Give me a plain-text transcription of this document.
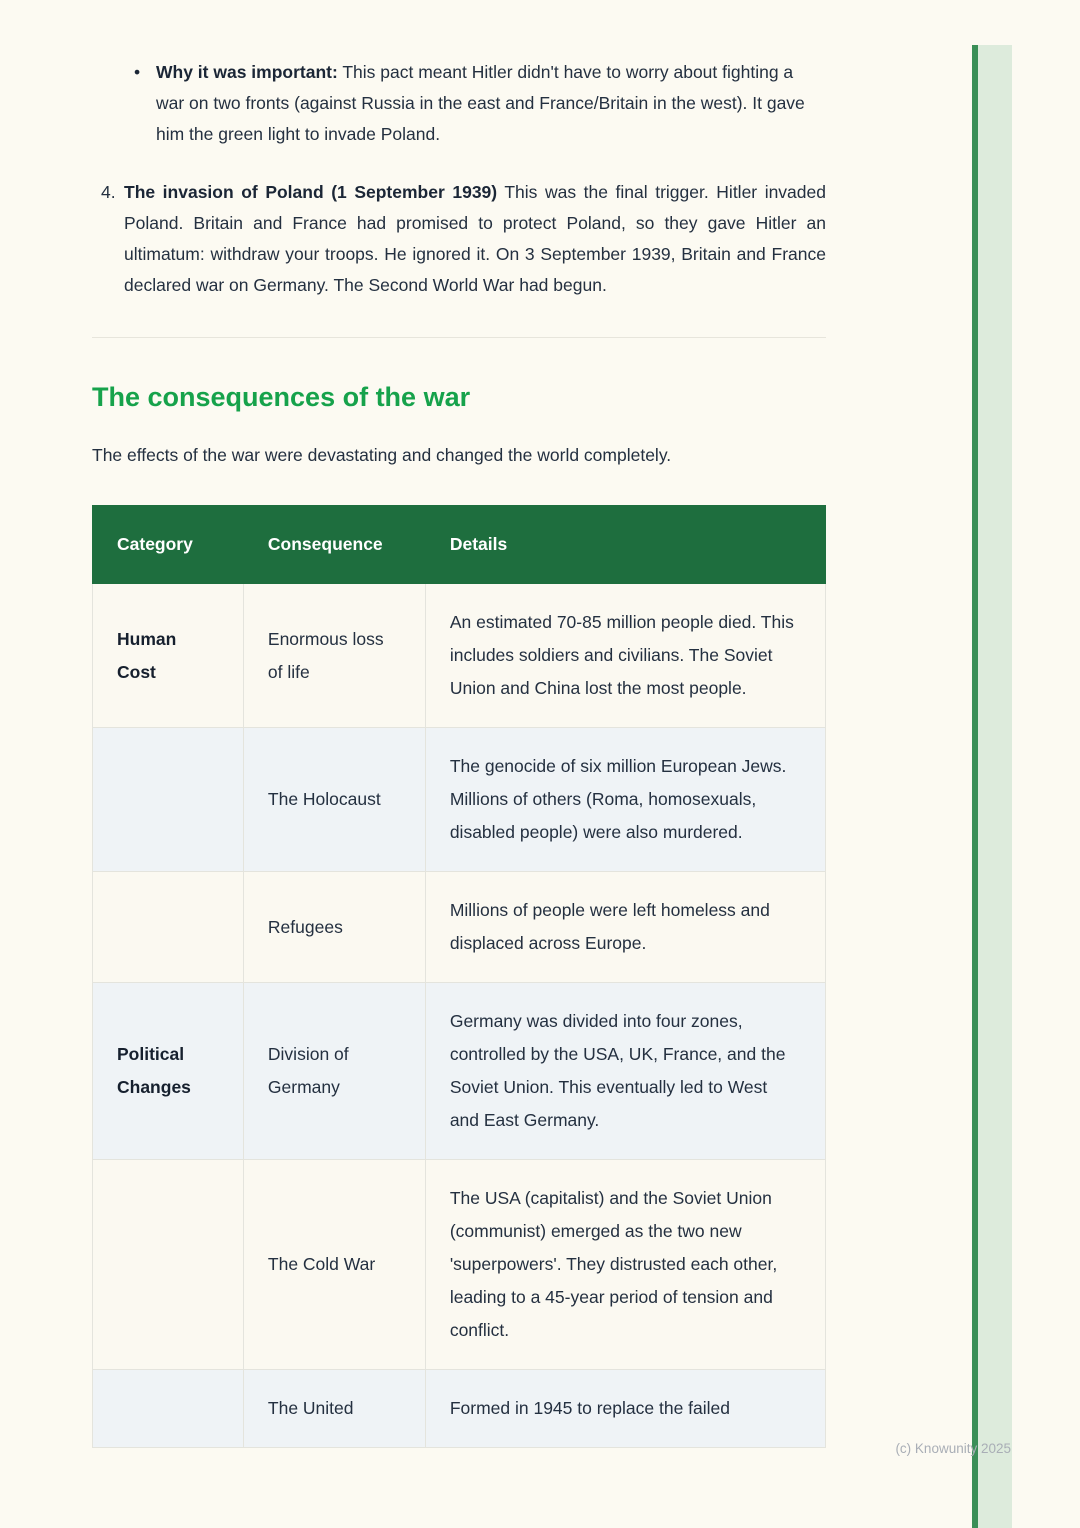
• Why it was important: This pact meant Hitler didn't have to worry about fighting a war on two fronts (against Russia in the east and France/Britain in the west). It gave him the green light to invade Poland.
4. The invasion of Poland (1 September 1939) This was the final trigger. Hitler invaded Poland. Britain and France had promised to protect Poland, so they gave Hitler an ultimatum: withdraw your troops. He ignored it. On 3 September 1939, Britain and France declared war on Germany. The Second World War had begun.
The consequences of the war

The effects of the war were devastating and changed the world completely.

Category	Consequence	Details
Human Cost	Enormous loss of life	An estimated 70-85 million people died. This includes soldiers and civilians. The Soviet Union and China lost the most people.
	The Holocaust	The genocide of six million European Jews. Millions of others (Roma, homosexuals, disabled people) were also murdered.
	Refugees	Millions of people were left homeless and displaced across Europe.
Political Changes	Division of Germany	Germany was divided into four zones, controlled by the USA, UK, France, and the Soviet Union. This eventually led to West and East Germany.
	The Cold War	The USA (capitalist) and the Soviet Union (communist) emerged as the two new 'superpowers'. They distrusted each other, leading to a 45-year period of tension and conflict.
	The United	Formed in 1945 to replace the failed
(c) Knowunity 2025
